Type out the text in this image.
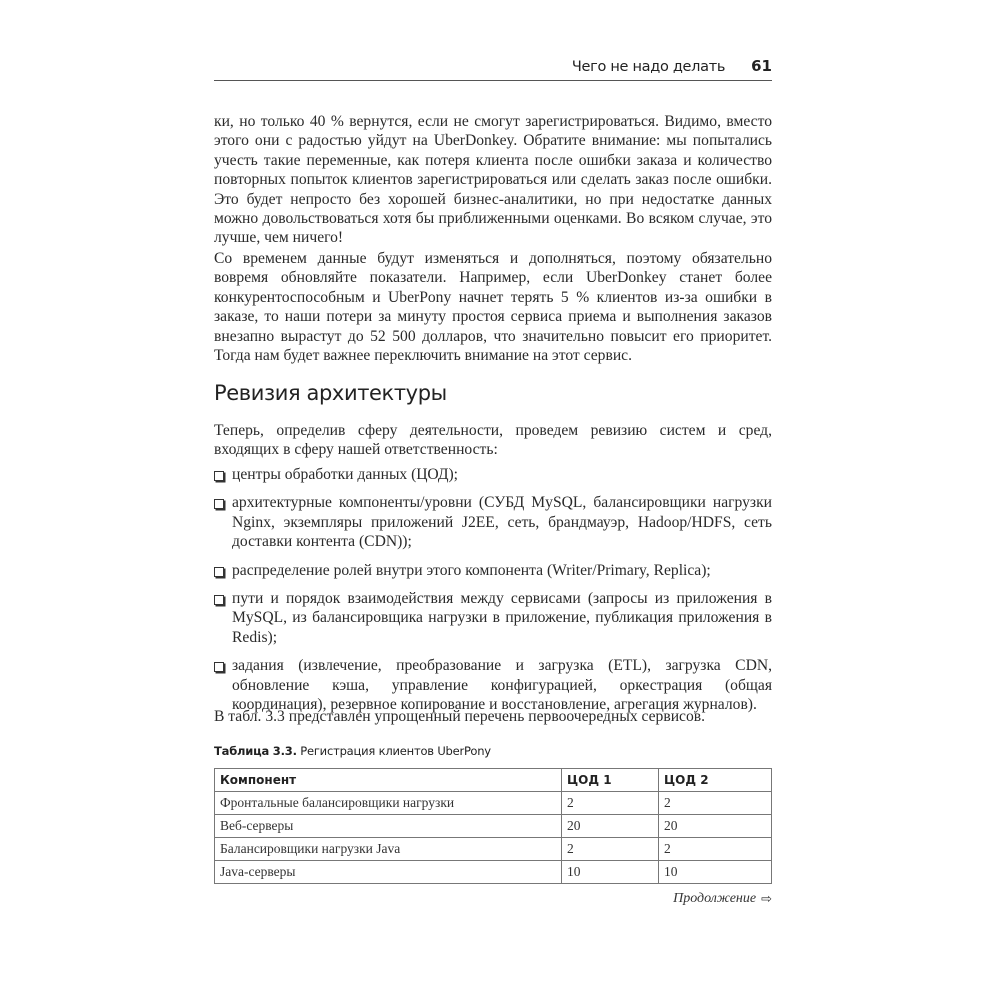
Чего не надо делать 61

ки, но только 40 % вернутся, если не смогут зарегистрироваться. Видимо, вместо этого они с радостью уйдут на UberDonkey. Обратите внимание: мы попытались учесть такие переменные, как потеря клиента после ошибки заказа и количество повторных попыток клиентов зарегистрироваться или сделать заказ после ошибки. Это будет непросто без хорошей бизнес-аналитики, но при недостатке данных можно довольствоваться хотя бы приближенными оценками. Во всяком случае, это лучше, чем ничего!

Со временем данные будут изменяться и дополняться, поэтому обязательно вовремя обновляйте показатели. Например, если UberDonkey станет более конкурентоспособным и UberPony начнет терять 5 % клиентов из-за ошибки в заказе, то наши потери за минуту простоя сервиса приема и выполнения заказов внезапно вырастут до 52 500 долларов, что значительно повысит его приоритет. Тогда нам будет важнее переключить внимание на этот сервис.

Ревизия архитектуры

Теперь, определив сферу деятельности, проведем ревизию систем и сред, входящих в сферу нашей ответственность:

центры обработки данных (ЦОД);
архитектурные компоненты/уровни (СУБД MySQL, балансировщики нагрузки Nginx, экземпляры приложений J2EE, сеть, брандмауэр, Hadoop/HDFS, сеть доставки контента (CDN));
распределение ролей внутри этого компонента (Writer/Primary, Replica);
пути и порядок взаимодействия между сервисами (запросы из приложения в MySQL, из балансировщика нагрузки в приложение, публикация приложения в Redis);
задания (извлечение, преобразование и загрузка (ETL), загрузка CDN, обновление кэша, управление конфигурацией, оркестрация (общая координация), резервное копирование и восстановление, агрегация журналов).

В табл. 3.3 представлен упрощенный перечень первоочередных сервисов.

Таблица 3.3. Регистрация клиентов UberPony
Компонент	ЦОД 1	ЦОД 2
Фронтальные балансировщики нагрузки	2	2
Веб-серверы	20	20
Балансировщики нагрузки Java	2	2
Java-серверы	10	10
Продолжение ⇨
